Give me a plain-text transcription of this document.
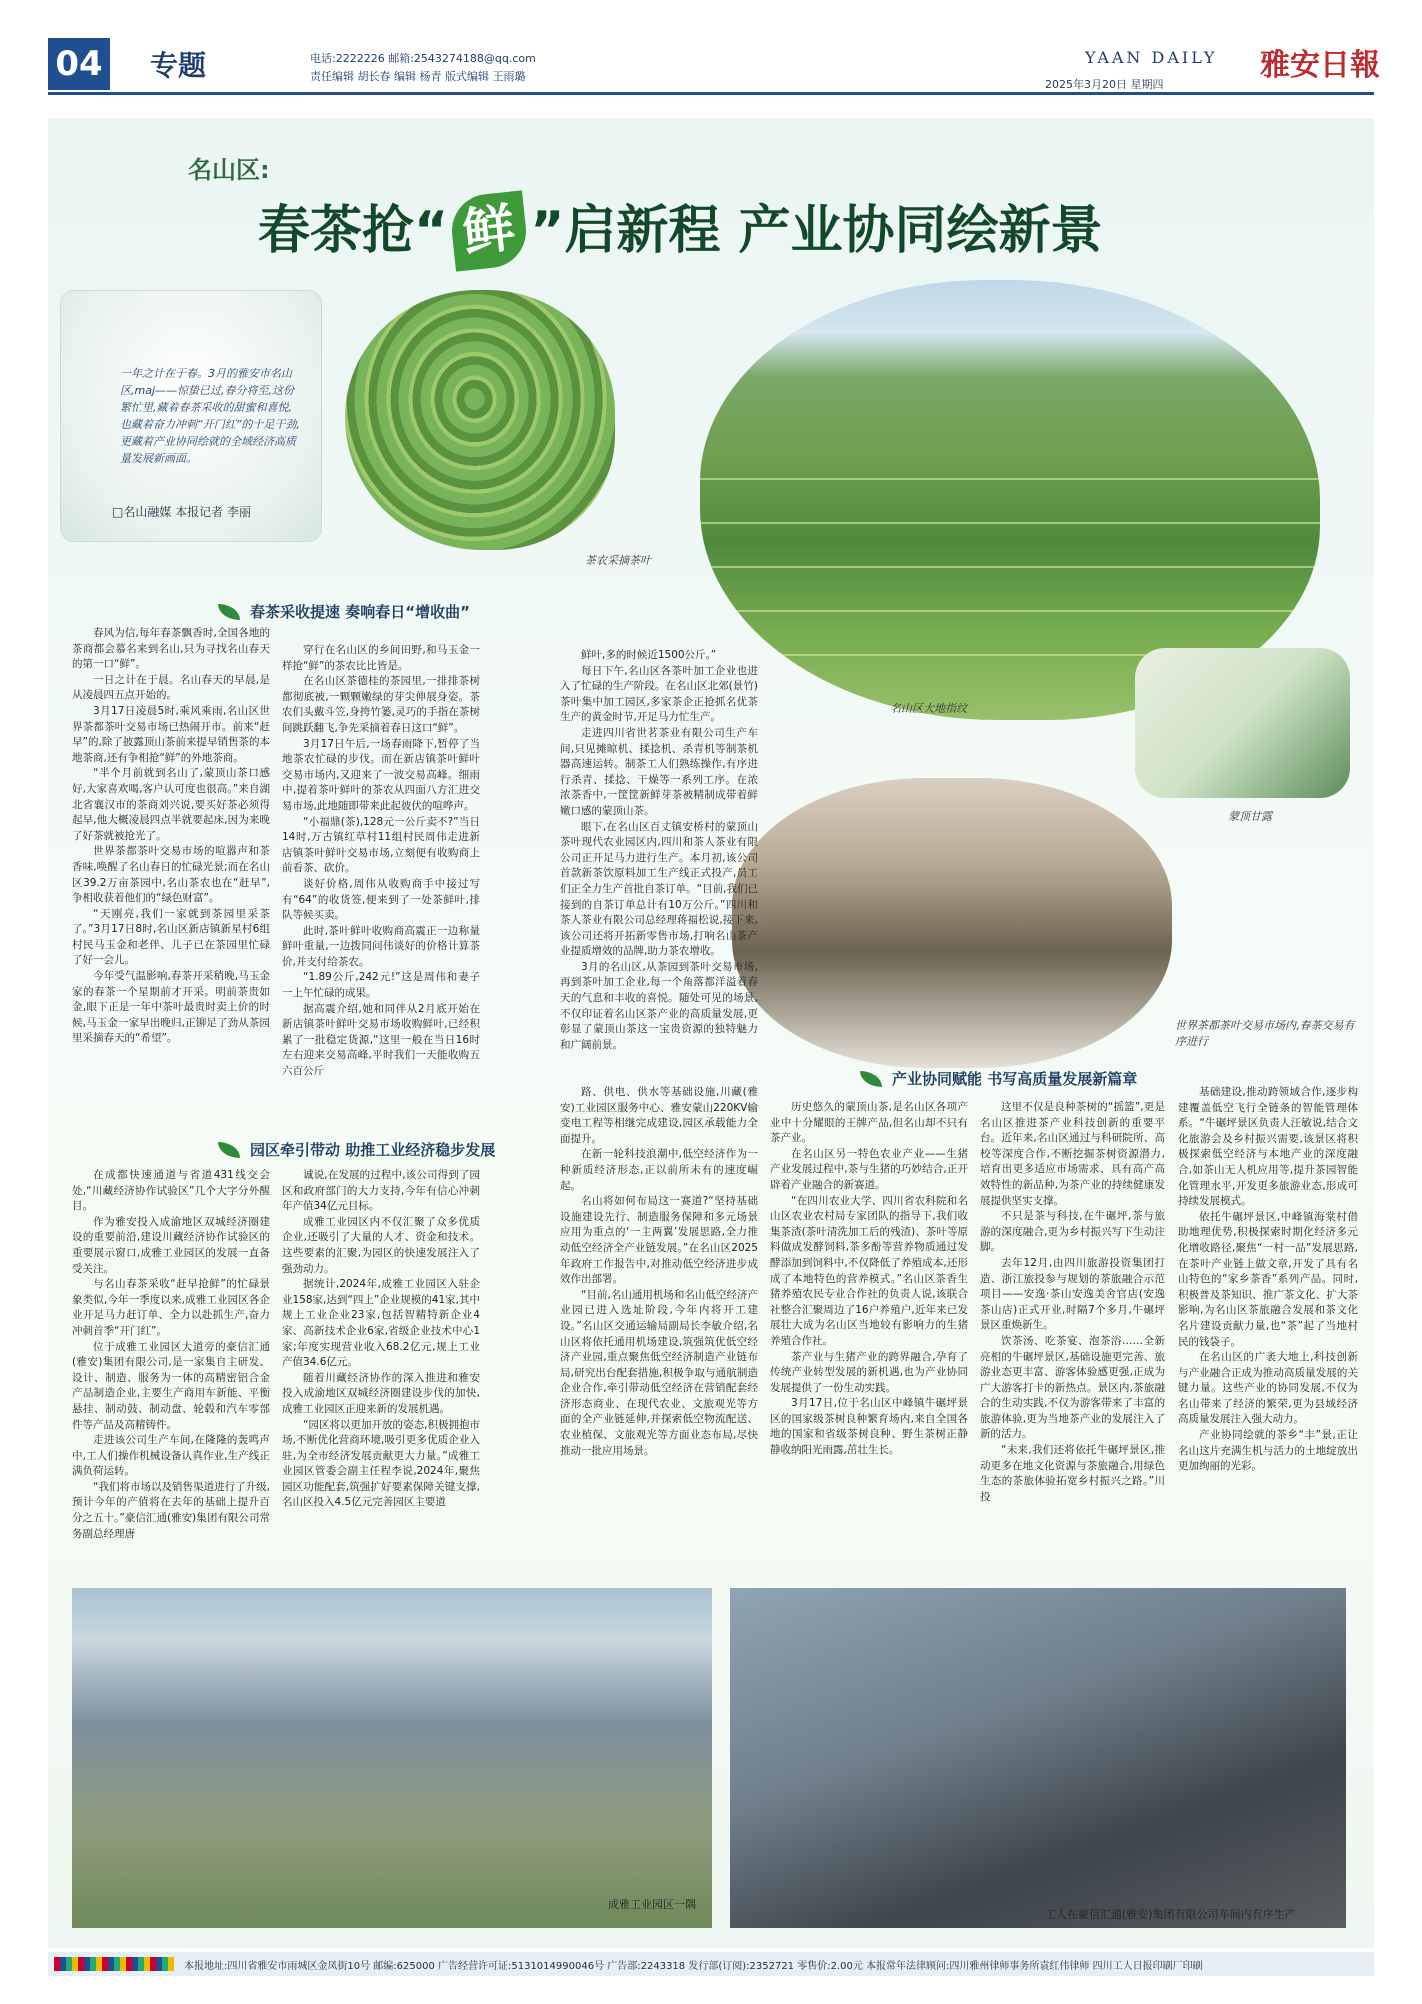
04 专题	电话:2222226 邮箱:2543274188@qq.com
责任编辑 胡长春 编辑 杨青 版式编辑 王雨璐
YAAN DAILY
2025年3月20日 星期四
雅安日報
名山区:
春茶抢“ 鲜 ”启新程 产业协同绘新景
一年之计在于春。3月的雅安市名山区,maj——惊蛰已过,春分将至,这份繁忙里,藏着春茶采收的甜蜜和喜悦,也藏着奋力冲刺“开门红”的十足干劲,更藏着产业协同绘就的全域经济高质量发展新画面。
□名山融媒 本报记者 李丽
茶农采摘茶叶
名山区大地指纹
蒙顶甘露
世界茶都茶叶交易市场内,春茶交易有序进行
成雅工业园区一隅
工人在豪信汇通(雅安)集团有限公司车间内有序生产
春茶采收提速 奏响春日“增收曲”
园区牵引带动 助推工业经济稳步发展
产业协同赋能 书写高质量发展新篇章

春风为信,每年春茶飘香时,全国各地的茶商都会慕名来到名山,只为寻找名山春天的第一口“鲜”。

一日之计在于晨。名山春天的早晨,是从凌晨四五点开始的。

3月17日凌晨5时,乘风乘雨,名山区世界茶都茶叶交易市场已热闹开市。前来“赶早”的,除了披露顶山茶前来提早销售茶的本地茶商,还有争相抢“鲜”的外地茶商。

“半个月前就到名山了,蒙顶山茶口感好,大家喜欢喝,客户认可度也很高。”来自湖北省襄汉市的茶商刘兴说,要买好茶必须得起早,他大概凌晨四点半就要起床,因为来晚了好茶就被抢光了。

世界茶都茶叶交易市场的喧嚣声和茶香味,唤醒了名山春日的忙碌光景;而在名山区39.2万亩茶园中,名山茶农也在“赶早”,争相收获着他们的“绿色财富”。

“天刚亮,我们一家就到茶园里采茶了。”3月17日8时,名山区新店镇新星村6组村民马玉金和老伴、儿子已在茶园里忙碌了好一会儿。

今年受气温影响,春茶开采稍晚,马玉金家的春茶一个星期前才开采。明前茶贵如金,眼下正是一年中茶叶最贵时卖上价的时候,马玉金一家早出晚归,正铆足了劲从茶园里采摘春天的“希望”。

穿行在名山区的乡间田野,和马玉金一样抢“鲜”的茶农比比皆是。

在名山区茶德桂的茶园里,一排排茶树都彻底被,一颗颗嫩绿的芽尖伸展身姿。茶农们头戴斗笠,身挎竹篓,灵巧的手指在茶树间跳跃翻飞,争先采摘着春日这口“鲜”。

3月17日午后,一场春雨降下,暂停了当地茶农忙碌的步伐。而在新店镇茶叶鲜叶交易市场内,又迎来了一波交易高峰。细雨中,提着茶叶鲜叶的茶农从四面八方汇进交易市场,此地随即带来此起彼伏的喧哗声。

“小福鼎(茶),128元一公斤卖不?”当日14时,万古镇红草村11组村民周伟走进新店镇茶叶鲜叶交易市场,立刻便有收购商上前看茶、砍价。

谈好价格,周伟从收购商手中接过写有“64”的收货签,便来到了一处茶鲜叶,排队等候买卖。

此时,茶叶鲜叶收购商高震正一边称量鲜叶重量,一边拨同问伟谈好的价格计算茶价,并支付给茶农。

“1.89公斤,242元!”这是周伟和妻子一上午忙碌的成果。

据高震介绍,她和同伴从2月底开始在新店镇茶叶鲜叶交易市场收购鲜叶,已经积累了一批稳定货源,“这里一般在当日16时左右迎来交易高峰,平时我们一天能收购五六百公斤

鲜叶,多的时候近1500公斤。”

每日下午,名山区各茶叶加工企业也进入了忙碌的生产阶段。在名山区北郊(景竹)茶叶集中加工园区,多家茶企正抢抓名优茶生产的黄金时节,开足马力忙生产。

走进四川省世茗茶业有限公司生产车间,只见摊晾机、揉捻机、杀青机等制茶机器高速运转。制茶工人们熟练操作,有序进行杀青、揉捻、干燥等一系列工序。在浓浓茶香中,一筐筐新鲜芽茶被精制成带着鲜嫩口感的蒙顶山茶。

眼下,在名山区百丈镇安桥村的蒙顶山茶叶现代农业园区内,四川和茶人茶业有限公司正开足马力进行生产。本月初,该公司首款新茶饮原料加工生产线正式投产,员工们正全力生产首批自茶订单。“目前,我们已接到的自茶订单总计有10万公斤。”四川和茶人茶业有限公司总经理蒋福松说,接下来,该公司还将开拓新零售市场,打响名山茶产业提质增效的品牌,助力茶农增收。

3月的名山区,从茶园到茶叶交易市场,再到茶叶加工企业,每一个角落都洋溢着春天的气息和丰收的喜悦。随处可见的场景,不仅印证着名山区茶产业的高质量发展,更彰显了蒙顶山茶这一宝贵资源的独特魅力和广阔前景。

在成都快速通道与省道431线交会处,“川藏经济协作试验区”几个大字分外醒目。

作为雅安投入成渝地区双城经济圈建设的重要前沿,建设川藏经济协作试验区的重要展示窗口,成雅工业园区的发展一直备受关注。

与名山春茶采收“赶早抢鲜”的忙碌景象类似,今年一季度以来,成雅工业园区各企业开足马力赶订单、全力以赴抓生产,奋力冲刺首季“开门红”。

位于成雅工业园区大道旁的豪信汇通(雅安)集团有限公司,是一家集自主研发、设计、制造、服务为一体的高精密铝合金产品制造企业,主要生产商用车新能、平衡悬挂、制动鼓、制动盘、轮毂和汽车零部件等产品及高精铸件。

走进该公司生产车间,在隆隆的轰鸣声中,工人们操作机械设备认真作业,生产线正满负荷运转。

“我们将市场以及销售渠道进行了升级,预计今年的产值将在去年的基础上提升百分之五十。”豪信汇通(雅安)集团有限公司常务副总经理唐

诚说,在发展的过程中,该公司得到了园区和政府部门的大力支持,今年有信心冲刺年产值34亿元目标。

成雅工业园区内不仅汇聚了众多优质企业,还吸引了大量的人才、资金和技术。这些要素的汇聚,为园区的快速发展注入了强劲动力。

据统计,2024年,成雅工业园区入驻企业158家,达到“四上”企业规模的41家,其中规上工业企业23家,包括智精特新企业4家、高新技术企业6家,省级企业技术中心1家;年度实现营业收入68.2亿元,规上工业产值34.6亿元。

随着川藏经济协作的深入推进和雅安投入成渝地区双城经济圈建设步伐的加快,成雅工业园区正迎来新的发展机遇。

“园区将以更加开放的姿态,积极拥抱市场,不断优化营商环境,吸引更多优质企业入驻,为全市经济发展贡献更大力量。”成雅工业园区管委会副主任程李说,2024年,聚焦园区功能配套,筑强扩好要素保障关键支撑,名山区投入4.5亿元完善园区主要道

路、供电、供水等基础设施,川藏(雅安)工业园区服务中心、雅安蒙山220KV输变电工程等相继完成建设,园区承载能力全面提升。

在新一轮科技浪潮中,低空经济作为一种新质经济形态,正以前所未有的速度崛起。

名山将如何布局这一赛道?“坚持基础设施建设先行、制造服务保障和多元场景应用为重点的‘一主两翼’发展思路,全力推动低空经济全产业链发展。”在名山区2025年政府工作报告中,对推动低空经济进步成效作出部署。

“目前,名山通用机场和名山低空经济产业园已进入选址阶段,今年内将开工建设。”名山区交通运输局副局长李敏介绍,名山区将依托通用机场建设,筑强筑优低空经济产业园,重点聚焦低空经济制造产业链布局,研究出台配套措施,积极争取与通航制造企业合作,牵引带动低空经济在营销配套经济形态商业、在现代农业、文旅观光等方面的全产业链延伸,并探索低空物流配送、农业植保、文旅观光等方面业态布局,尽快推动一批应用场景。

历史悠久的蒙顶山茶,是名山区各项产业中十分耀眼的王牌产品,但名山却不只有茶产业。

在名山区另一特色农业产业——生猪产业发展过程中,茶与生猪的巧妙结合,正开辟着产业融合的新赛道。

“在四川农业大学、四川省农科院和名山区农业农村局专家团队的指导下,我们收集茶渣(茶叶清洗加工后的残渣)、茶叶等原料做成发酵饲料,茶多酚等营养物质通过发酵添加到饲料中,不仅降低了养殖成本,还形成了本地特色的营养模式。”名山区茶香生猪养殖农民专业合作社的负责人说,该联合社整合汇聚周边了16户养殖户,近年来已发展壮大成为名山区当地较有影响力的生猪养殖合作社。

茶产业与生猪产业的跨界融合,孕育了传统产业转型发展的新机遇,也为产业协同发展提供了一份生动实践。

3月17日,位于名山区中峰镇牛碾坪景区的国家级茶树良种繁育场内,来自全国各地的国家和省级茶树良种、野生茶树正静静收纳阳光雨露,茁壮生长。

这里不仅是良种茶树的“摇篮”,更是名山区推进茶产业科技创新的重要平台。近年来,名山区通过与科研院所、高校等深度合作,不断挖掘茶树资源潜力,培育出更多适应市场需求、具有高产高效特性的新品种,为茶产业的持续健康发展提供坚实支撑。

不只是茶与科技,在牛碾坪,茶与旅游的深度融合,更为乡村振兴写下生动注脚。

去年12月,由四川旅游投资集团打造、浙江旅投参与规划的茶旅融合示范项目——安逸·茶山安逸美舍官店(安逸茶山店)正式开业,时隔7个多月,牛碾坪景区重焕新生。

饮茶汤、吃茶宴、泡茶浴……全新亮相的牛碾坪景区,基础设施更完善、旅游业态更丰富、游客体验感更强,正成为广大游客打卡的新热点。景区内,茶旅融合的生动实践,不仅为游客带来了丰富的旅游体验,更为当地茶产业的发展注入了新的活力。

“未来,我们还将依托牛碾坪景区,推动更多在地文化资源与茶旅融合,用绿色生态的茶旅体验拓宽乡村振兴之路。”川投

基础建设,推动跨领域合作,逐步构建覆盖低空飞行全链条的智能管理体系。“牛碾坪景区负责人汪敏说,结合文化旅游会及乡村振兴需要,该景区将积极探索低空经济与本地产业的深度融合,如茶山无人机应用等,提升茶园智能化管理水平,开发更多旅游业态,形成可持续发展模式。

依托牛碾坪景区,中峰镇海棠村借助地理优势,积极探索时期化经济多元化增收路径,聚焦“一村一品”发展思路,在茶叶产业链上做文章,开发了具有名山特色的“家乡茶香”系列产品。同时,积极普及茶知识、推广茶文化、扩大茶影响,为名山区茶旅融合发展和茶文化名片建设贡献力量,也“茶”起了当地村民的钱袋子。

在名山区的广袤大地上,科技创新与产业融合正成为推动高质量发展的关键力量。这些产业的协同发展,不仅为名山带来了经济的繁荣,更为县域经济高质量发展注入强大动力。

产业协同绘就的茶乡“丰”景,正让名山这片充满生机与活力的土地绽放出更加绚丽的光彩。

本报地址:四川省雅安市雨城区金凤街10号 邮编:625000 广告经营许可证:5131014990046号 广告部:2243318 发行部(订阅):2352721 零售价:2.00元 本报常年法律顾问:四川雅州律师事务所袁红伟律师 四川工人日报印刷厂印刷
